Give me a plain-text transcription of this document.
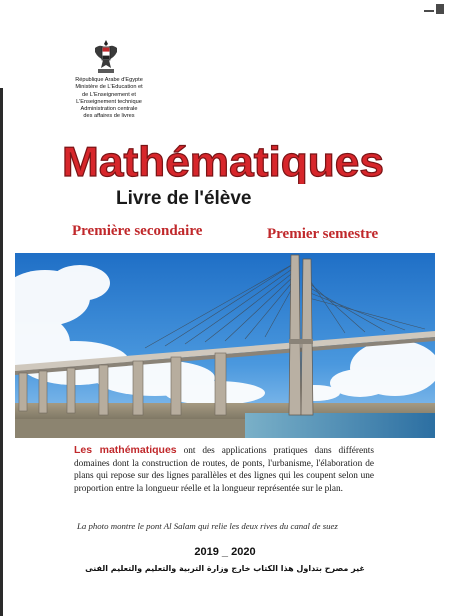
République Arabe d'Egypte
Ministère de L'Education et
de L'Enseignement et
L'Enseignement technique
Administration centrale
des affaires de livres
Mathématiques
Livre de l'élève
Première secondaire	Premier semestre
Les mathématiques ont des applications pratiques dans différents domaines dont la construction de routes, de ponts, l'urbanisme, l'élaboration de plans qui repose sur des lignes parallèles et des lignes qui les coupent selon une proportion entre la longueur réelle et la longueur représentée sur le plan.
La photo montre le pont Al Salam qui relie les deux rives du canal de suez
2019 _ 2020
غير مصرح بتداول هذا الكتاب خارج وزارة التربية والتعليم والتعليم الفنى
